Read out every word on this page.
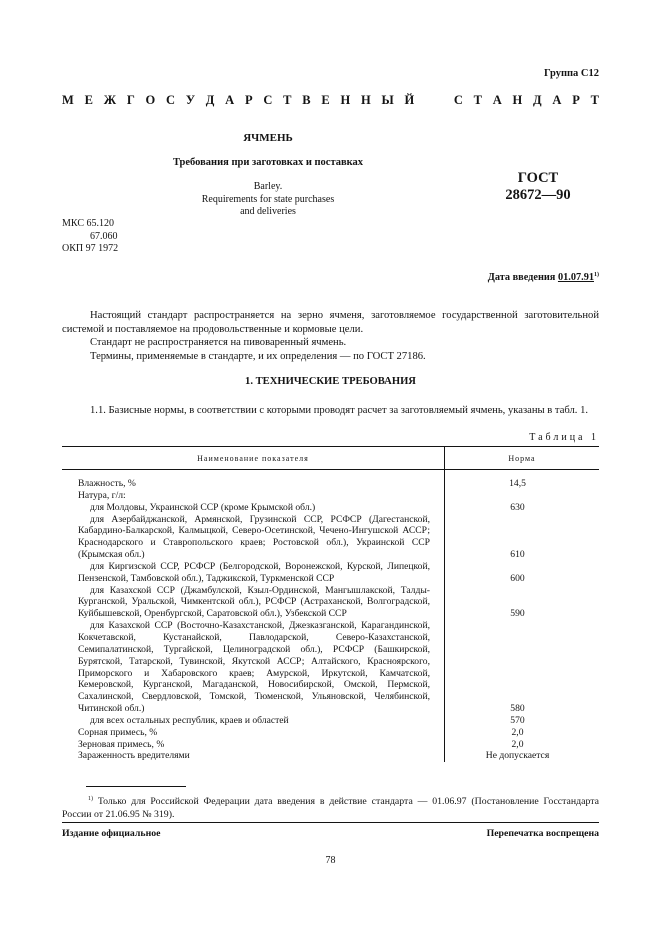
Группа С12
М Е Ж Г О С У Д А Р С Т В Е Н Н Ы Й	С Т А Н Д А Р Т
ЯЧМЕНЬ
Требования при заготовках и поставках
Barley.
Requirements for state purchases
and deliveries
ГОСТ
28672—90
МКС 65.120
67.060
ОКП 97 1972
Дата введения 01.07.91$^{1)}$

Настоящий стандарт распространяется на зерно ячменя, заготовляемое государственной заготовительной системой и поставляемое на продовольственные и кормовые цели.

Стандарт не распространяется на пивоваренный ячмень.

Термины, применяемые в стандарте, и их определения — по ГОСТ 27186.

1. ТЕХНИЧЕСКИЕ ТРЕБОВАНИЯ
1.1. Базисные нормы, в соответствии с которыми проводят расчет за заготовляемый ячмень, указаны в табл. 1.
Таблица 1
Наименование показателя	Норма
Влажность, %	14,5
Натура, г/л:
для Молдовы, Украинской ССР (кроме Крымской обл.)	630
для Азербайджанской, Армянской, Грузинской ССР, РСФСР (Дагестанской, Кабардино-Балкарской, Калмыцкой, Северо-Осетинской, Чечено-Ингушской АССР; Краснодарского и Ставропольского краев; Ростовской обл.), Украинской ССР (Крымская обл.)	610
для Киргизской ССР, РСФСР (Белгородской, Воронежской, Курской, Липецкой, Пензенской, Тамбовской обл.), Таджикской, Туркменской ССР	600
для Казахской ССР (Джамбулской, Кзыл-Ординской, Мангышлакской, Талды-Курганской, Уральской, Чимкентской обл.), РСФСР (Астраханской, Волгоградской, Куйбышевской, Оренбургской, Саратовской обл.), Узбекской ССР	590
для Казахской ССР (Восточно-Казахстанской, Джезказганской, Карагандинской, Кокчетавской, Кустанайской, Павлодарской, Северо-Казахстанской, Семипалатинской, Тургайской, Целиноградской обл.), РСФСР (Башкирской, Бурятской, Татарской, Тувинской, Якутской АССР; Алтайского, Красноярского, Приморского и Хабаровского краев; Амурской, Иркутской, Камчатской, Кемеровской, Курганской, Магаданской, Новосибирской, Омской, Пермской, Сахалинской, Свердловской, Томской, Тюменской, Ульяновской, Челябинской, Читинской обл.)	580
для всех остальных республик, краев и областей	570
Сорная примесь, %	2,0
Зерновая примесь, %	2,0
Зараженность вредителями	Не допускается
$^{1)}$ Только для Российской Федерации дата введения в действие стандарта — 01.06.97 (Постановление Госстандарта России от 21.06.95 № 319).
Издание официальное	Перепечатка воспрещена
78
